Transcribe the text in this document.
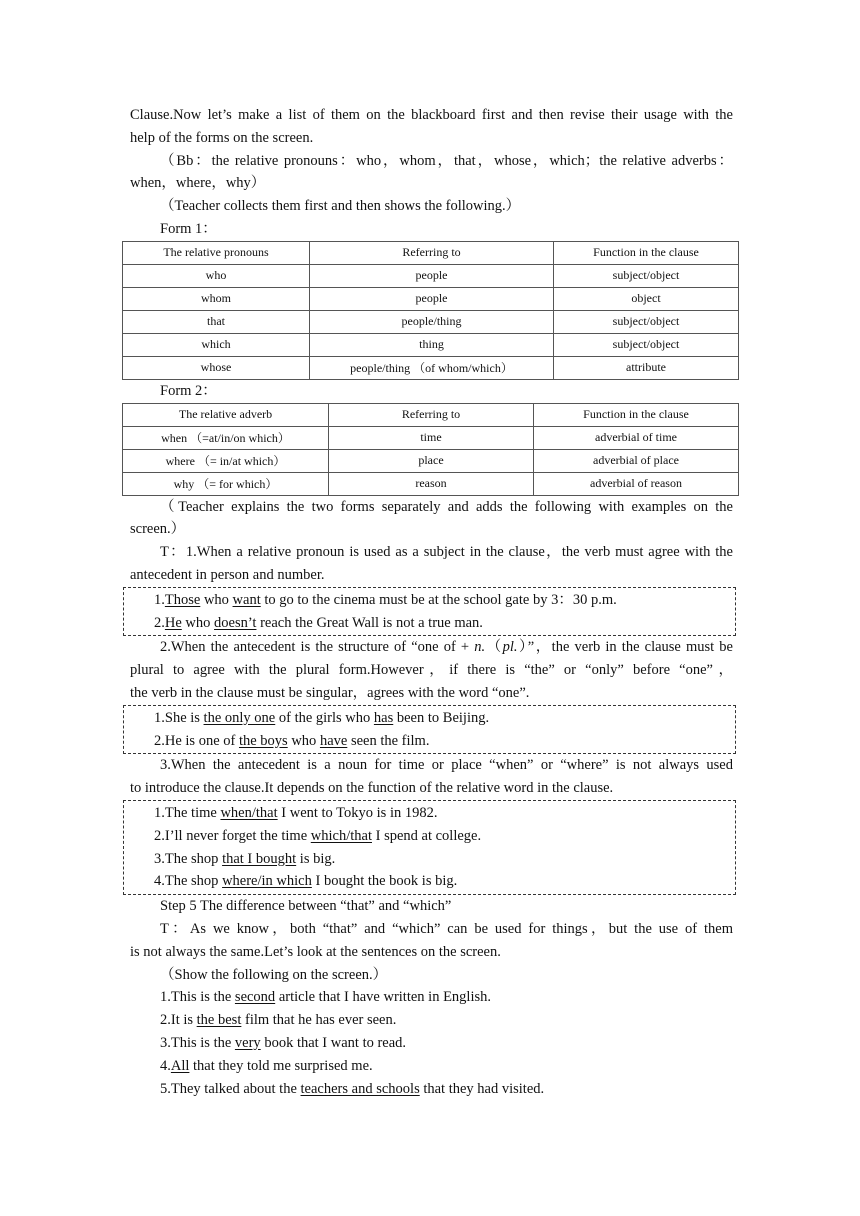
Clause.Now let’s make a list of them on the blackboard first and then revise their usage with the

help of the forms on the screen.

（Bb：the relative pronouns：who，whom，that，whose，which；the relative adverbs：

when，where，why）

（Teacher collects them first and then shows the following.）

Form 1：

The relative pronouns	Referring to	Function in the clause
who	people	subject/object
whom	people	object
that	people/thing	subject/object
which	thing	subject/object
whose	people/thing （of whom/which）	attribute

Form 2：

The relative adverb	Referring to	Function in the clause
when （=at/in/on which）	time	adverbial of time
where （= in/at which）	place	adverbial of place
why （= for which）	reason	adverbial of reason

（Teacher explains the two forms separately and adds the following with examples on the

screen.）

T：1.When a relative pronoun is used as a subject in the clause，the verb must agree with the

antecedent in person and number.

1.Those who want to go to the cinema must be at the school gate by 3：30 p.m.

2.He who doesn’t reach the Great Wall is not a true man.

2.When the antecedent is the structure of “one of + n.（pl.）”，the verb in the clause must be

plural to agree with the plural form.However，if there is “the” or “only” before “one”，

the verb in the clause must be singular，agrees with the word “one”.

1.She is the only one of the girls who has been to Beijing.

2.He is one of the boys who have seen the film.

3.When the antecedent is a noun for time or place “when” or “where” is not always used

to introduce the clause.It depends on the function of the relative word in the clause.

1.The time when/that I went to Tokyo is in 1982.

2.I’ll never forget the time which/that I spend at college.

3.The shop that I bought is big.

4.The shop where/in which I bought the book is big.

Step 5 The difference between “that” and “which”

T：As we know，both “that” and “which” can be used for things，but the use of them

is not always the same.Let’s look at the sentences on the screen.

（Show the following on the screen.）

1.This is the second article that I have written in English.

2.It is the best film that he has ever seen.

3.This is the very book that I want to read.

4.All that they told me surprised me.

5.They talked about the teachers and schools that they had visited.
